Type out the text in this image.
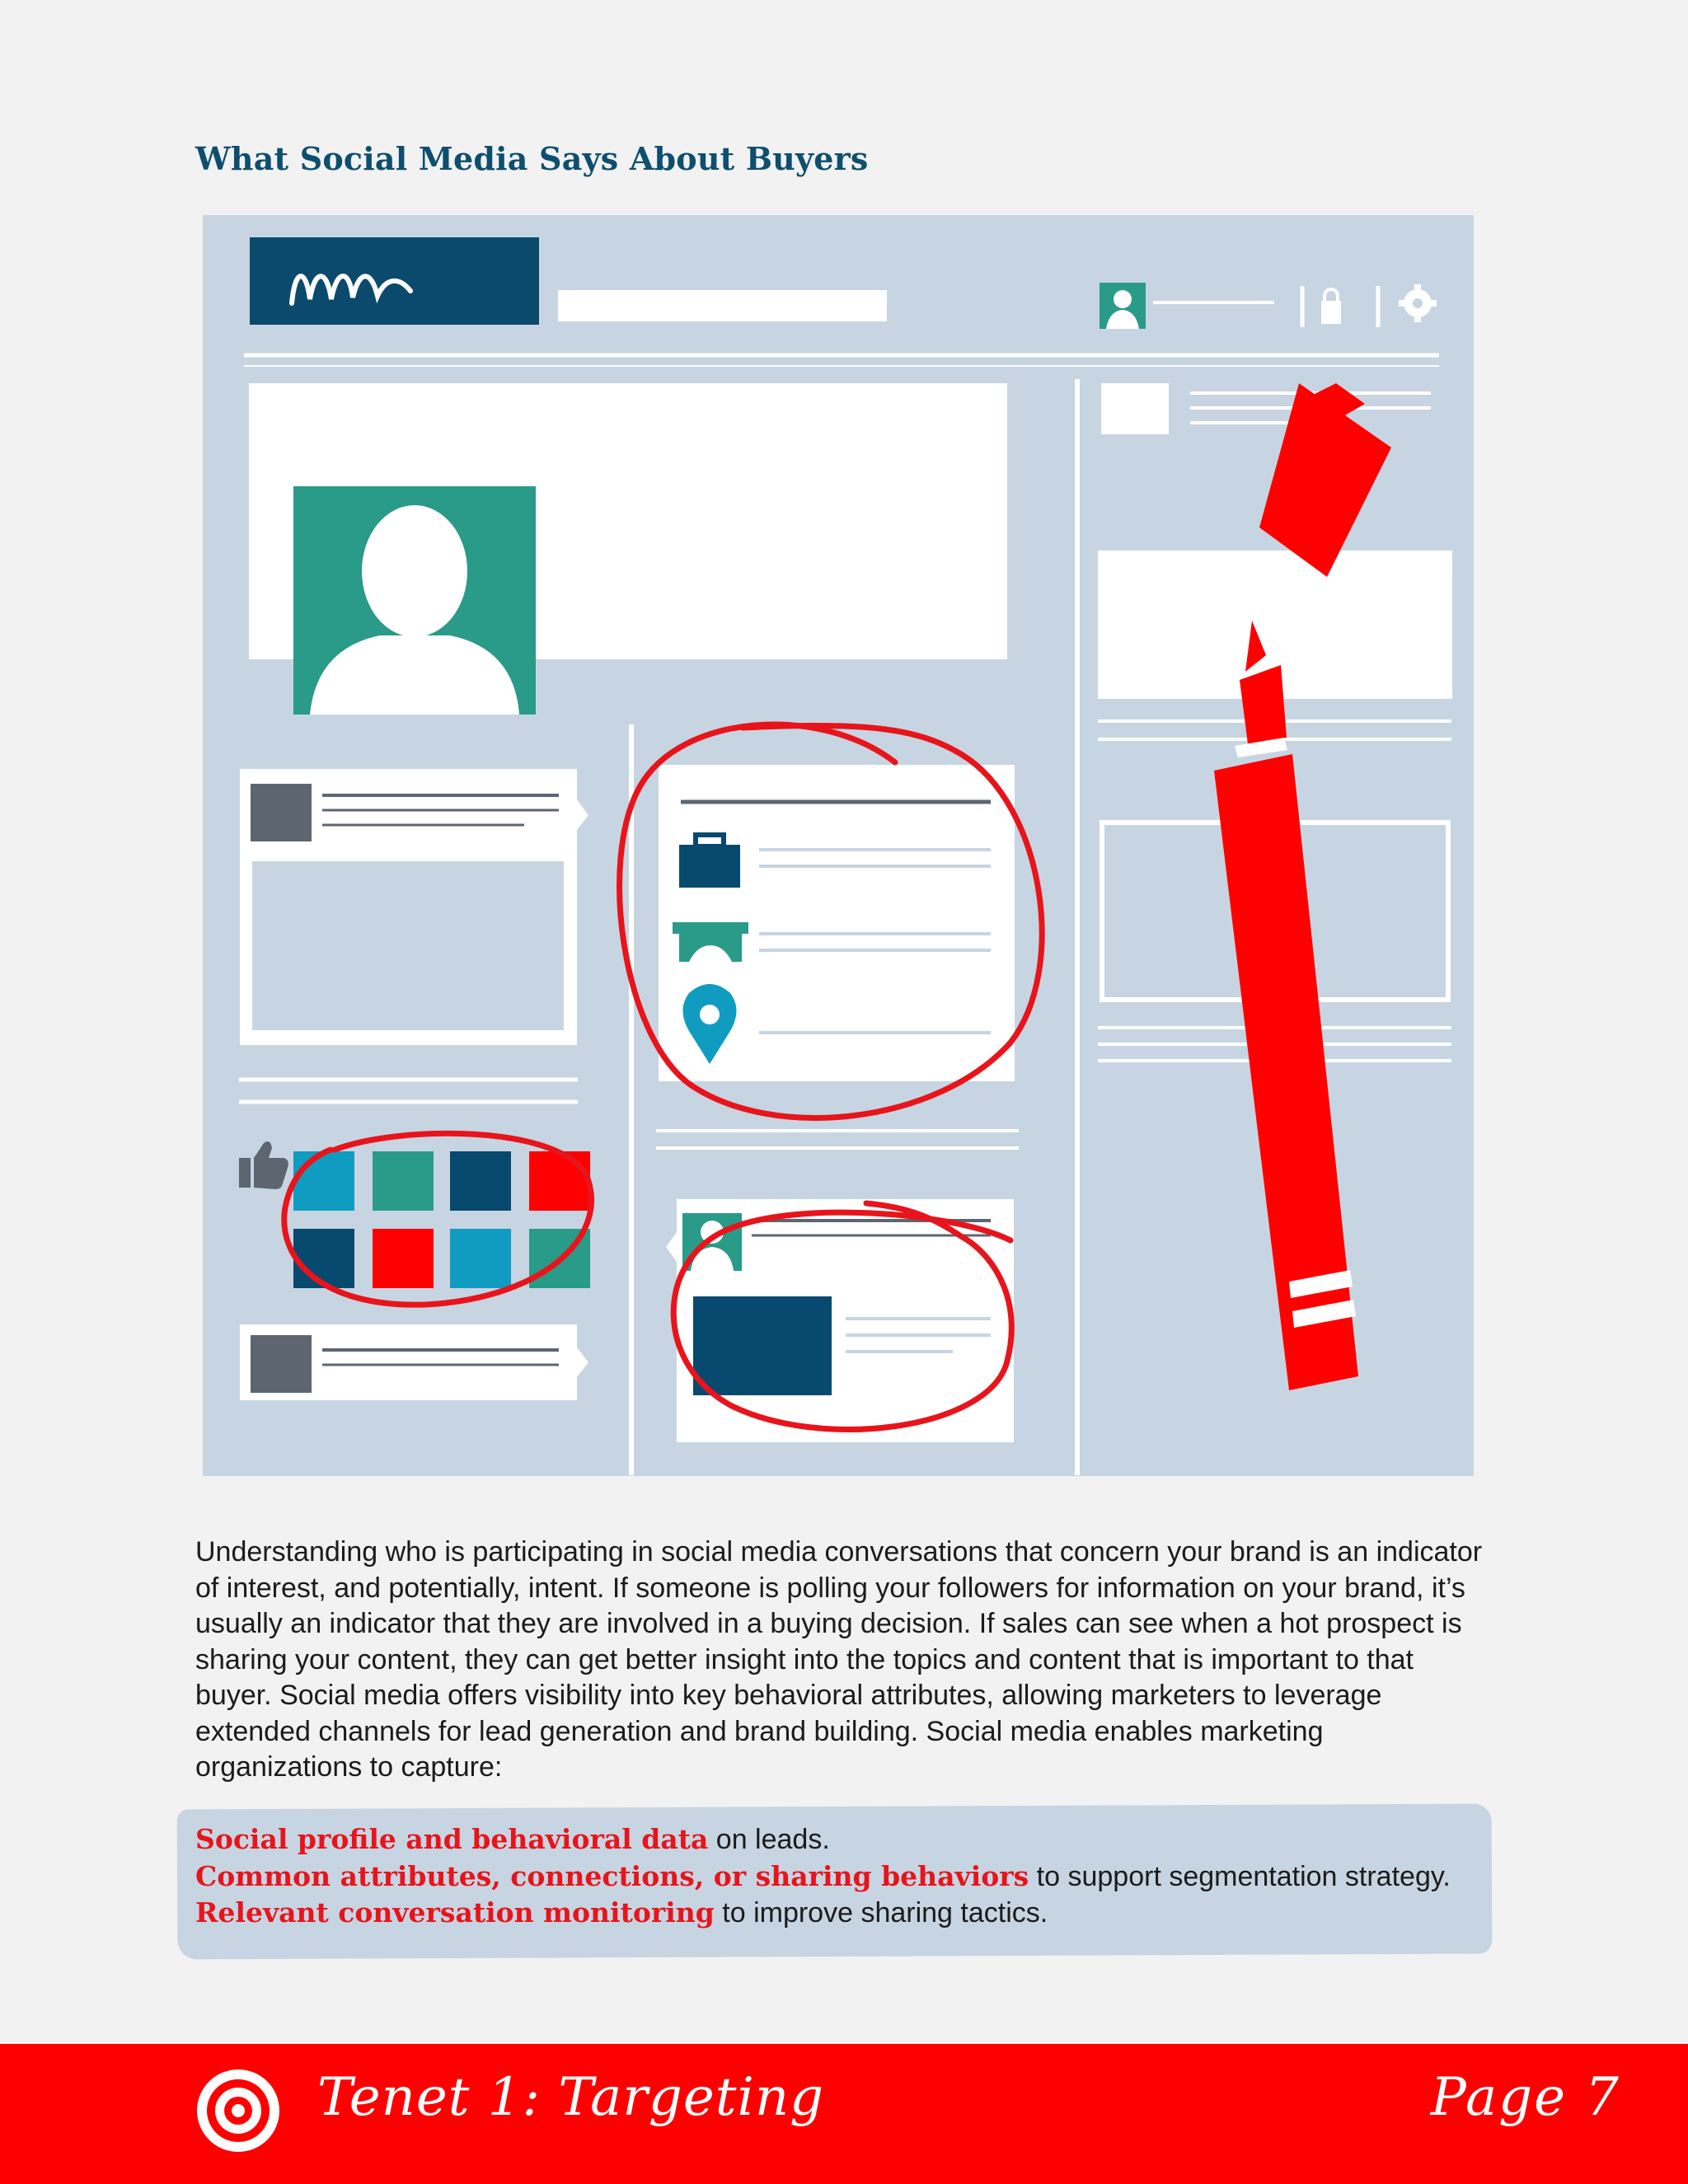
What Social Media Says About Buyers

Understanding who is participating in social media conversations that concern your brand is an indicator of interest, and potentially, intent. If someone is polling your followers for information on your brand, it’s usually an indicator that they are involved in a buying decision. If sales can see when a hot prospect is sharing your content, they can get better insight into the topics and content that is important to that buyer. Social media offers visibility into key behavioral attributes, allowing marketers to leverage extended channels for lead generation and brand building. Social media enables marketing organizations to capture:

Social profile and behavioral data on leads.
Common attributes, connections, or sharing behaviors to support segmentation strategy.
Relevant conversation monitoring to improve sharing tactics.
Tenet 1: Targeting	Page 7
